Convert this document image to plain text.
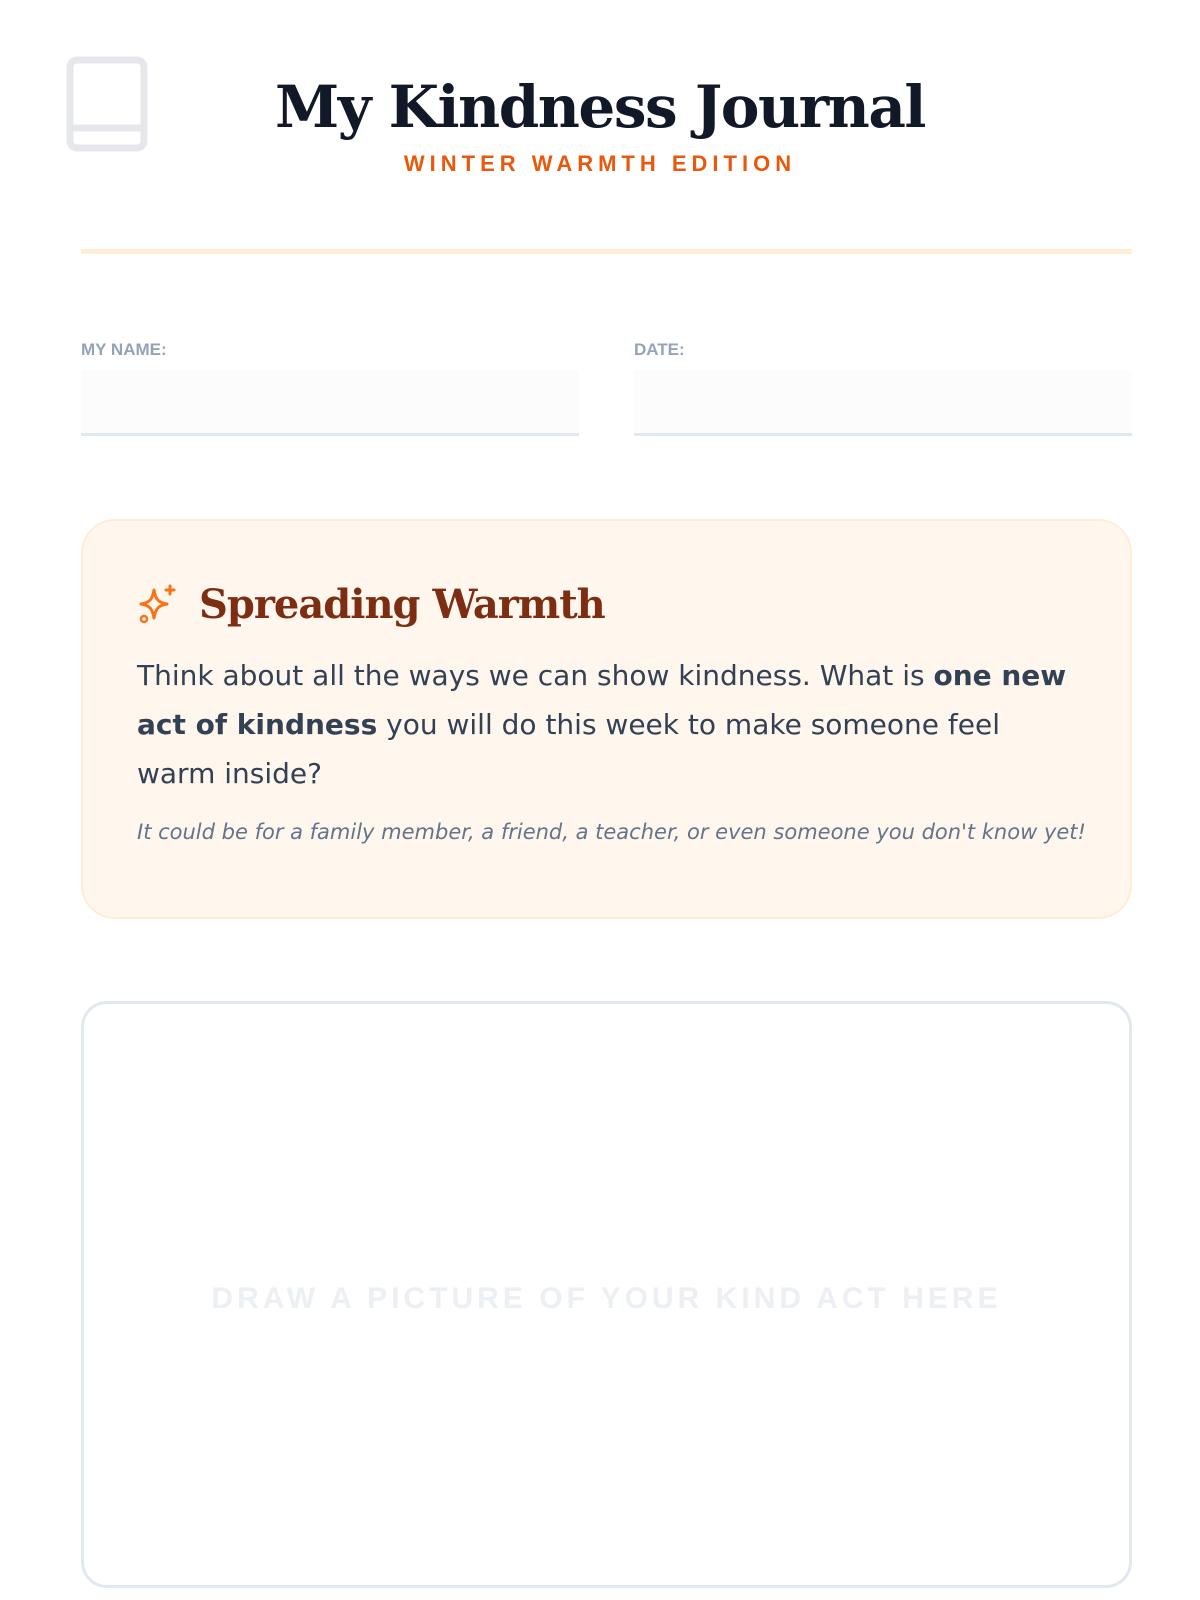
My Kindness Journal
WINTER WARMTH EDITION
MY NAME:	DATE:
Spreading Warmth

Think about all the ways we can show kindness. What is one new act of kindness you will do this week to make someone feel warm inside?

It could be for a family member, a friend, a teacher, or even someone you don't know yet!
DRAW A PICTURE OF YOUR KIND ACT HERE
